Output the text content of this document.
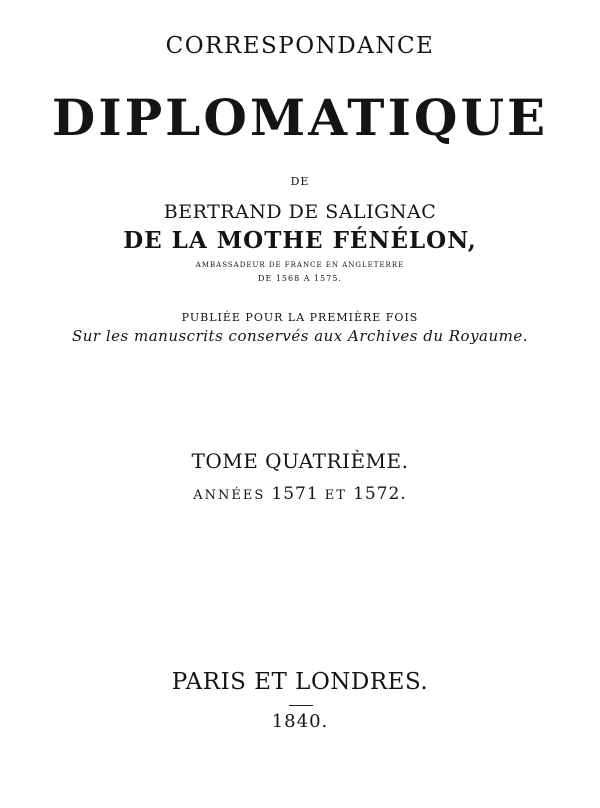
CORRESPONDANCE
DIPLOMATIQUE
DE
BERTRAND DE SALIGNAC
DE LA MOTHE FÉNÉLON,
AMBASSADEUR DE FRANCE EN ANGLETERRE
DE 1568 A 1575.
PUBLIÉE POUR LA PREMIÈRE FOIS
Sur les manuscrits conservés aux Archives du Royaume.
TOME QUATRIÈME.
ANNÉES 1571 ET 1572.
PARIS ET LONDRES.
1840.
